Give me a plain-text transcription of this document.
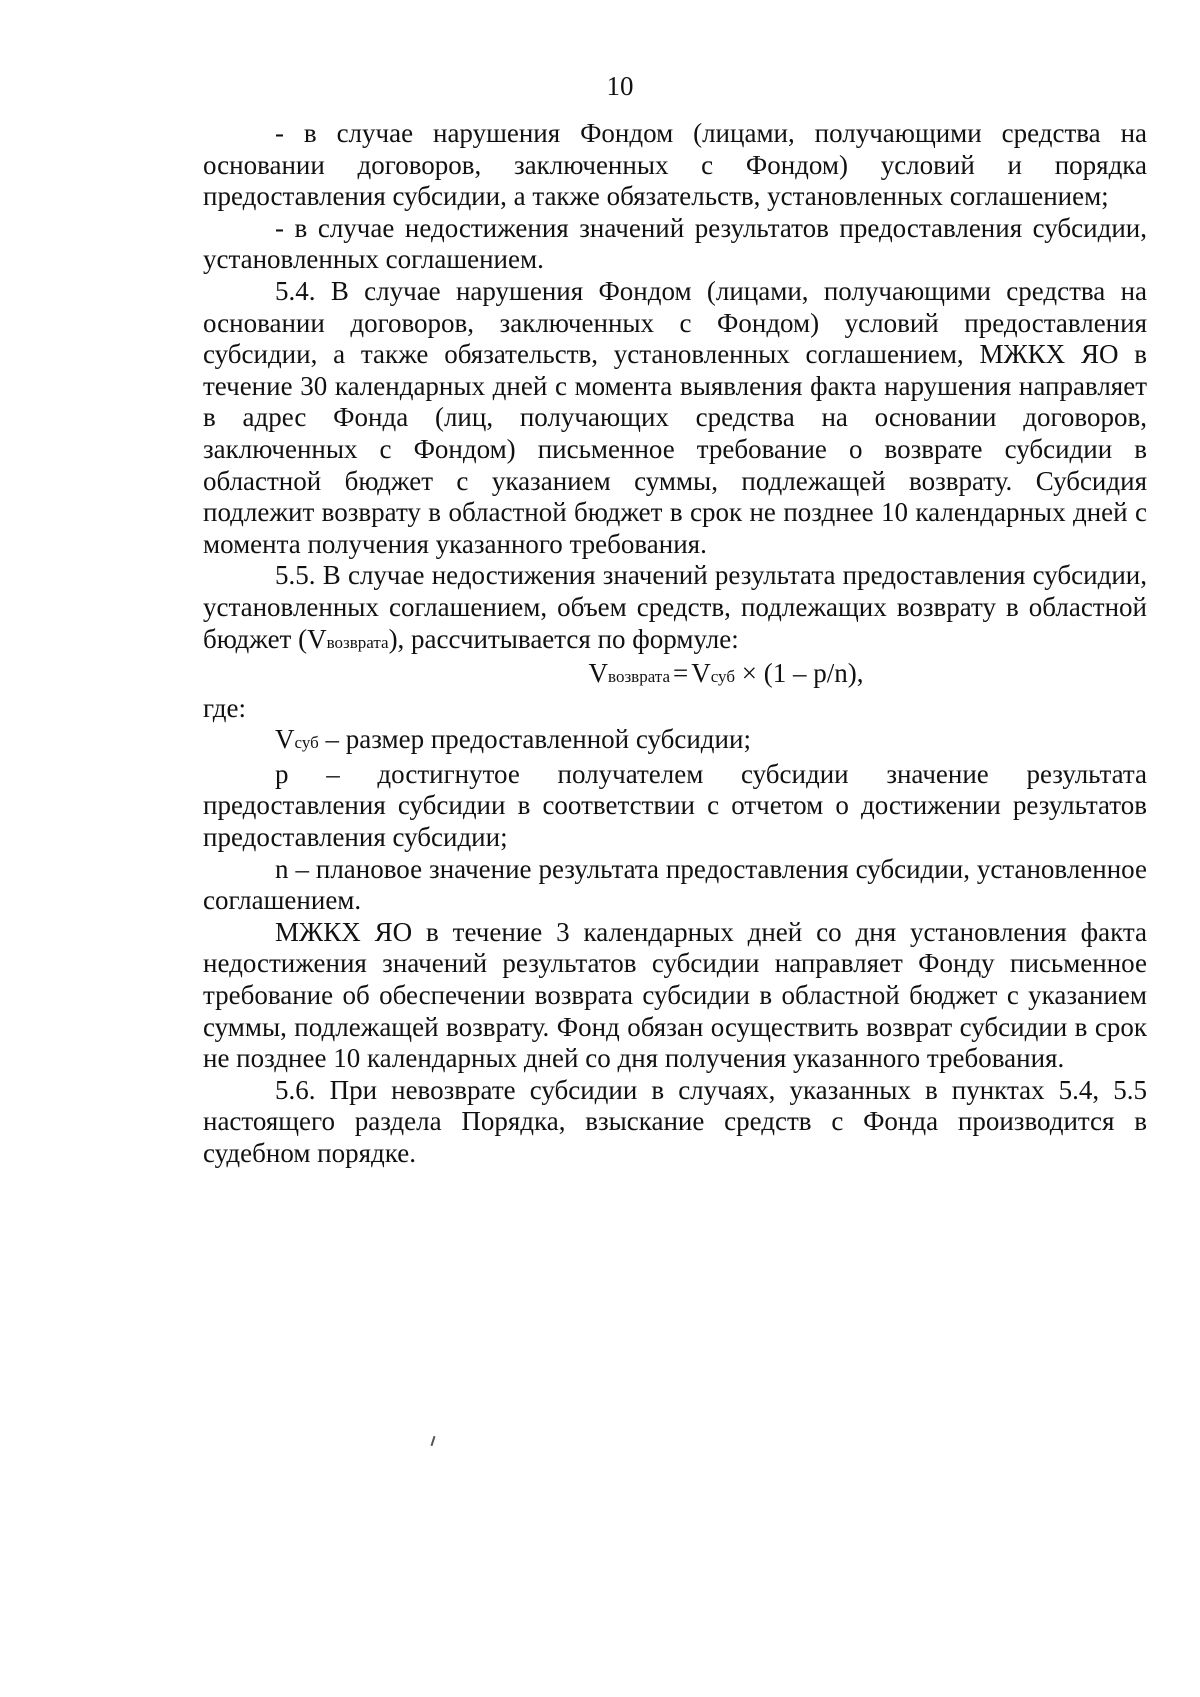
10

- в случае нарушения Фондом (лицами, получающими средства на основании договоров, заключенных с Фондом) условий и порядка предоставления субсидии, а также обязательств, установленных соглашением;

- в случае недостижения значений результатов предоставления субсидии, установленных соглашением.

5.4. В случае нарушения Фондом (лицами, получающими средства на основании договоров, заключенных с Фондом) условий предоставления субсидии, а также обязательств, установленных соглашением, МЖКХ ЯО в течение 30 календарных дней с момента выявления факта нарушения направляет в адрес Фонда (лиц, получающих средства на основании договоров, заключенных с Фондом) письменное требование о возврате субсидии в областной бюджет с указанием суммы, подлежащей возврату. Субсидия подлежит возврату в областной бюджет в срок не позднее 10 календарных дней с момента получения указанного требования.

5.5. В случае недостижения значений результата предоставления субсидии, установленных соглашением, объем средств, подлежащих возврату в областной бюджет (Vвозврата), рассчитывается по формуле:

Vвозврата = Vсуб × (1 – p/n),

где:

Vсуб – размер предоставленной субсидии;

р – достигнутое получателем субсидии значение результата предоставления субсидии в соответствии с отчетом о достижении результатов предоставления субсидии;

n – плановое значение результата предоставления субсидии, установленное соглашением.

МЖКХ ЯО в течение 3 календарных дней со дня установления факта недостижения значений результатов субсидии направляет Фонду письменное требование об обеспечении возврата субсидии в областной бюджет с указанием суммы, подлежащей возврату. Фонд обязан осуществить возврат субсидии в срок не позднее 10 календарных дней со дня получения указанного требования.

5.6. При невозврате субсидии в случаях, указанных в пунктах 5.4, 5.5 настоящего раздела Порядка, взыскание средств с Фонда производится в судебном порядке.
